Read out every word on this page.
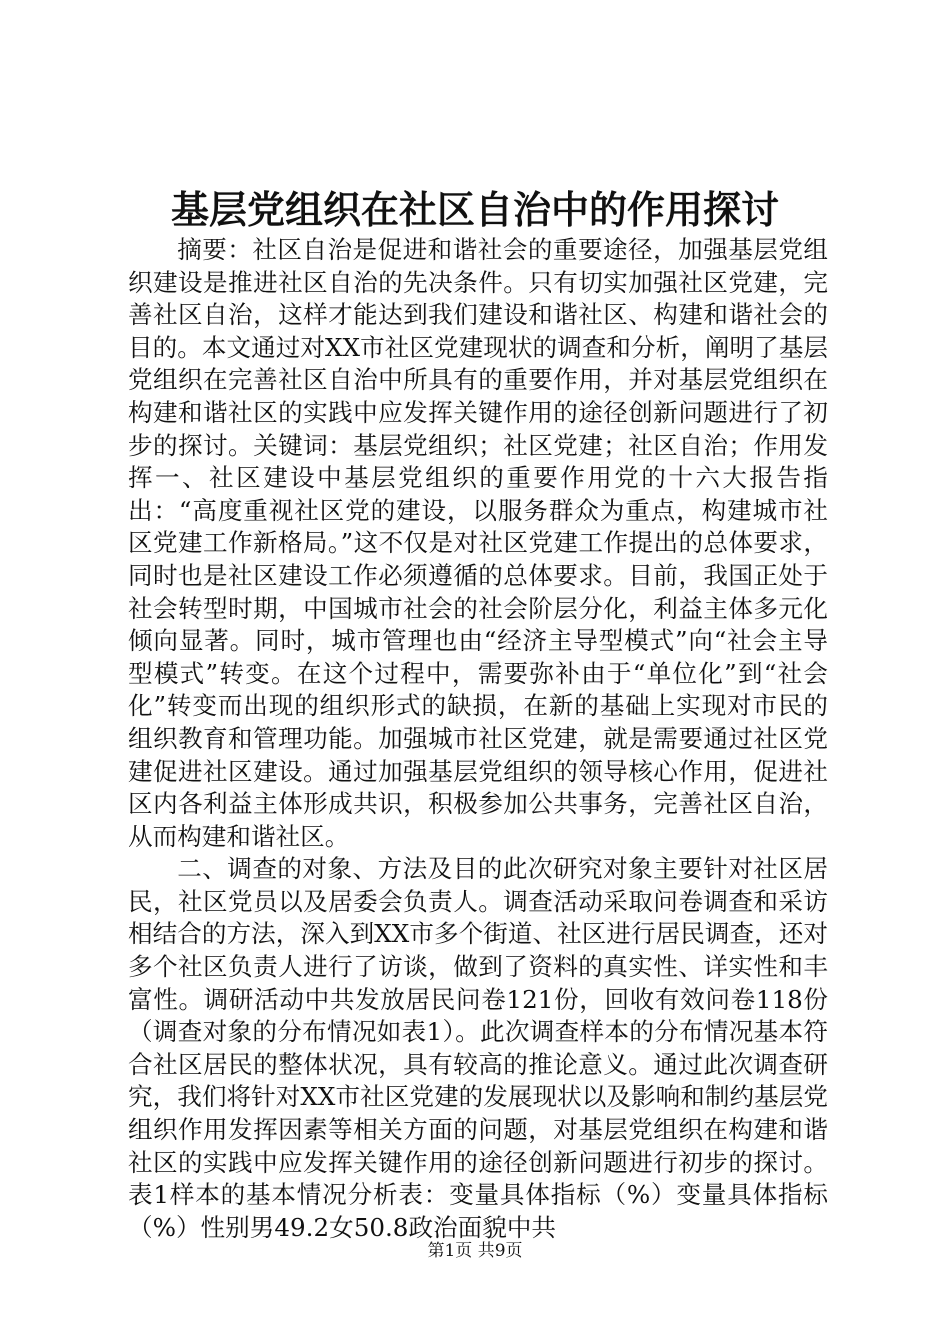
基层党组织在社区自治中的作用探讨

摘要：社区自治是促进和谐社会的重要途径，加强基层党组织建设是推进社区自治的先决条件。只有切实加强社区党建，完善社区自治，这样才能达到我们建设和谐社区、构建和谐社会的目的。本文通过对XX市社区党建现状的调查和分析，阐明了基层党组织在完善社区自治中所具有的重要作用，并对基层党组织在构建和谐社区的实践中应发挥关键作用的途径创新问题进行了初步的探讨。关键词：基层党组织；社区党建；社区自治；作用发挥一、社区建设中基层党组织的重要作用党的十六大报告指出：“高度重视社区党的建设，以服务群众为重点，构建城市社区党建工作新格局。”这不仅是对社区党建工作提出的总体要求，同时也是社区建设工作必须遵循的总体要求。目前，我国正处于社会转型时期，中国城市社会的社会阶层分化，利益主体多元化倾向显著。同时，城市管理也由“经济主导型模式”向“社会主导型模式”转变。在这个过程中，需要弥补由于“单位化”到“社会化”转变而出现的组织形式的缺损，在新的基础上实现对市民的组织教育和管理功能。加强城市社区党建，就是需要通过社区党建促进社区建设。通过加强基层党组织的领导核心作用，促进社区内各利益主体形成共识，积极参加公共事务，完善社区自治，从而构建和谐社区。

二、调查的对象、方法及目的此次研究对象主要针对社区居民，社区党员以及居委会负责人。调查活动采取问卷调查和采访相结合的方法，深入到XX市多个街道、社区进行居民调查，还对多个社区负责人进行了访谈，做到了资料的真实性、详实性和丰富性。调研活动中共发放居民问卷121份，回收有效问卷118份（调查对象的分布情况如表1）。此次调查样本的分布情况基本符合社区居民的整体状况，具有较高的推论意义。通过此次调查研究，我们将针对XX市社区党建的发展现状以及影响和制约基层党组织作用发挥因素等相关方面的问题，对基层党组织在构建和谐社区的实践中应发挥关键作用的途径创新问题进行初步的探讨。表1样本的基本情况分析表：变量具体指标（%）变量具体指标（%）性别男49.2女50.8政治面貌中共

第1页 共9页
